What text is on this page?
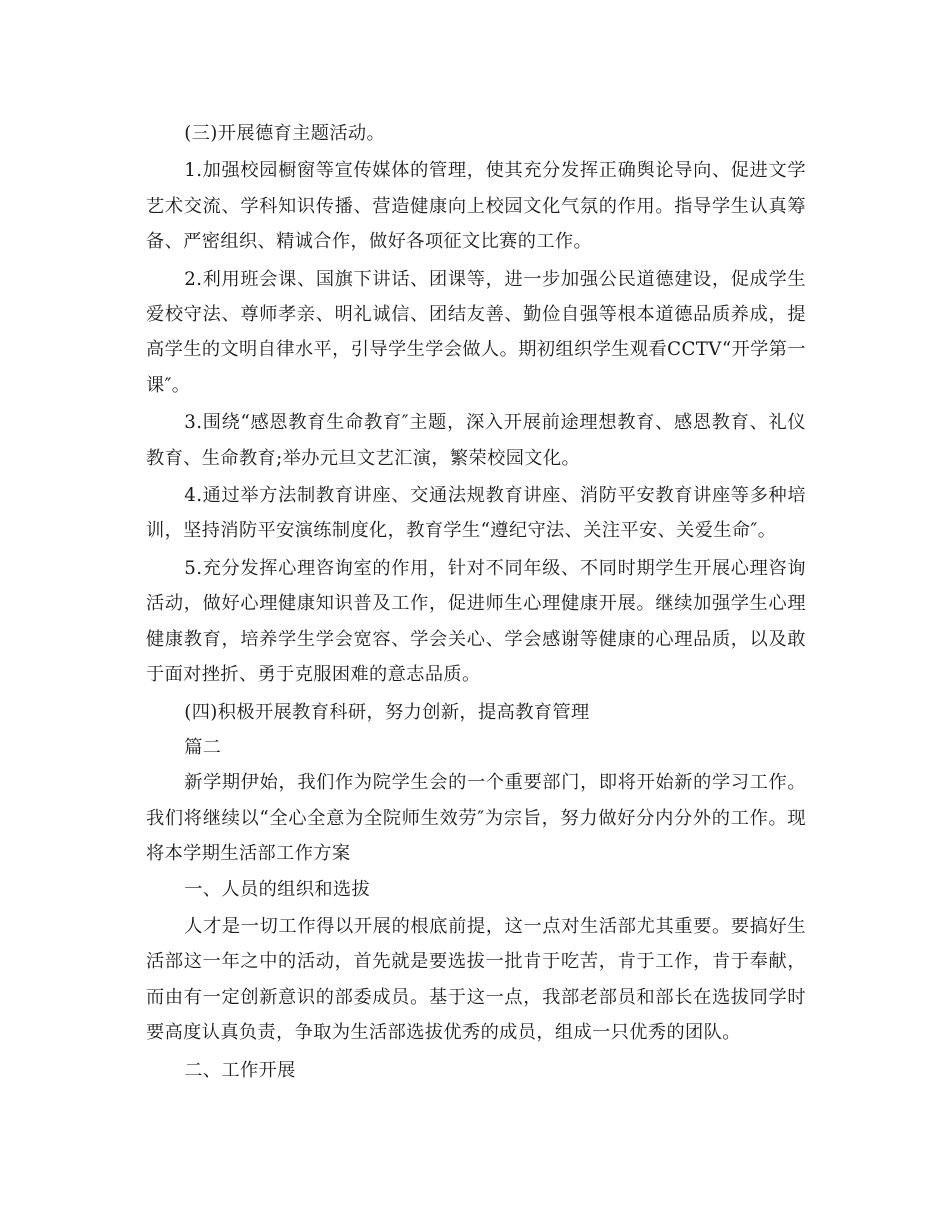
(三)开展德育主题活动。

1.加强校园橱窗等宣传媒体的管理，使其充分发挥正确舆论导向、促进文学艺术交流、学科知识传播、营造健康向上校园文化气氛的作用。指导学生认真筹备、严密组织、精诚合作，做好各项征文比赛的工作。

2.利用班会课、国旗下讲话、团课等，进一步加强公民道德建设，促成学生爱校守法、尊师孝亲、明礼诚信、团结友善、勤俭自强等根本道德品质养成，提高学生的文明自律水平，引导学生学会做人。期初组织学生观看CCTV“开学第一课″。

3.围绕“感恩教育生命教育″主题，深入开展前途理想教育、感恩教育、礼仪教育、生命教育;举办元旦文艺汇演，繁荣校园文化。

4.通过举方法制教育讲座、交通法规教育讲座、消防平安教育讲座等多种培训，坚持消防平安演练制度化，教育学生“遵纪守法、关注平安、关爱生命″。

5.充分发挥心理咨询室的作用，针对不同年级、不同时期学生开展心理咨询活动，做好心理健康知识普及工作，促进师生心理健康开展。继续加强学生心理健康教育，培养学生学会宽容、学会关心、学会感谢等健康的心理品质，以及敢于面对挫折、勇于克服困难的意志品质。

(四)积极开展教育科研，努力创新，提高教育管理

篇二

新学期伊始，我们作为院学生会的一个重要部门，即将开始新的学习工作。我们将继续以“全心全意为全院师生效劳″为宗旨，努力做好分内分外的工作。现将本学期生活部工作方案

一、人员的组织和选拔

人才是一切工作得以开展的根底前提，这一点对生活部尤其重要。要搞好生活部这一年之中的活动，首先就是要选拔一批肯于吃苦，肯于工作，肯于奉献，而由有一定创新意识的部委成员。基于这一点，我部老部员和部长在选拔同学时要高度认真负责，争取为生活部选拔优秀的成员，组成一只优秀的团队。

二、工作开展
